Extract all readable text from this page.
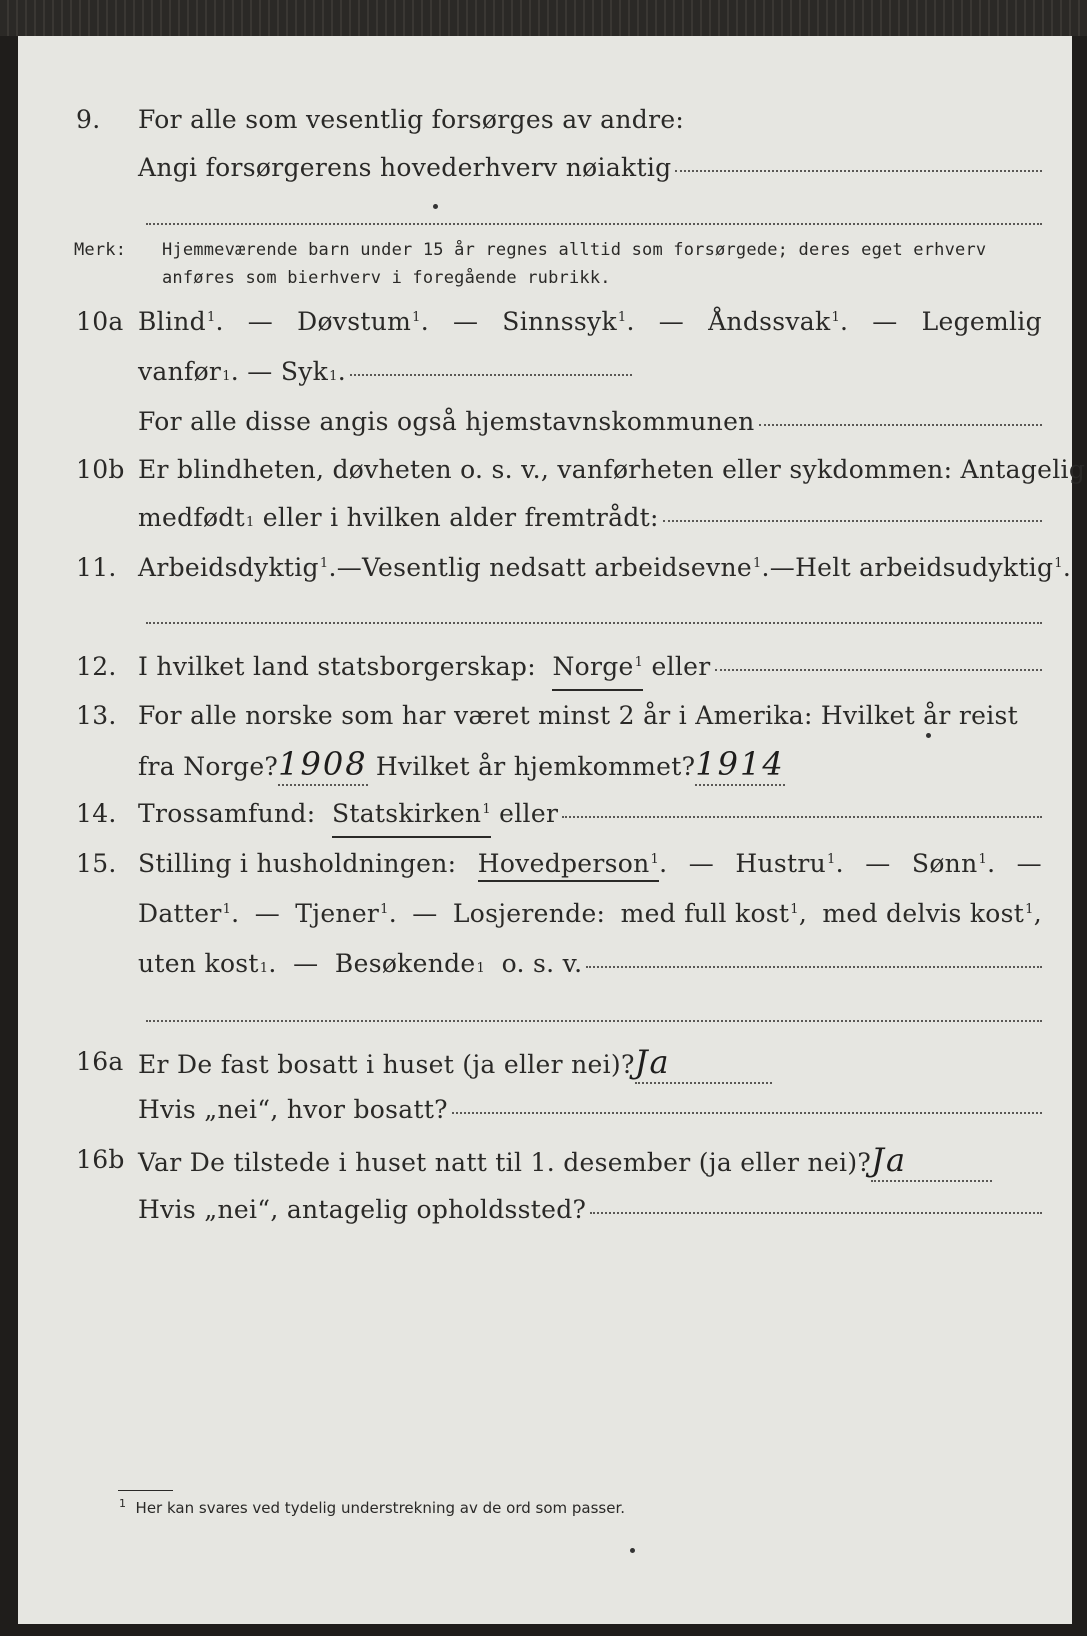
9. For alle som vesentlig forsørges av andre:
Angi forsørgerens hovederhverv nøiaktig
Merk: Hjemmeværende barn under 15 år regnes alltid som forsørgede; deres eget erhverv
anføres som bierhverv i foregående rubrikk.
10a Blind$^1$. — Døvstum$^1$. — Sinnssyk$^1$. — Åndssvak$^1$. — Legemlig
vanfør 1 . —
Syk 1 .
For alle disse angis også hjemstavnskommunen
10b Er blindheten, døvheten o. s. v., vanførheten eller sykdommen: Antagelig
medfødt 1
eller i hvilken alder fremtrådt:
11. Arbeidsdyktig$^1$. — Vesentlig nedsatt arbeidsevne$^1$. — Helt arbeidsudyktig$^1$.
12. I hvilket land statsborgerskap:
Norge$^1$
eller
13. For alle norske som har været minst 2 år i Amerika: Hvilket år reist
fra Norge? 1908
Hvilket år hjemkommet? 1914
14. Trossamfund:
Statskirken$^1$
eller
15. Stilling i husholdningen: Hovedperson$^1$. — Hustru$^1$. — Sønn$^1$. —
Datter$^1$. — Tjener$^1$. — Losjerende: med full kost$^1$, med delvis kost$^1$,
uten kost 1 . —
Besøkende 1
o. s. v.
16a Er De fast bosatt i huset (ja eller nei)? Ja
Hvis „nei“, hvor bosatt?
16b Var De tilstede i huset natt til 1. desember (ja eller nei)? Ja
Hvis „nei“, antagelig opholdssted?
$^1$ Her kan svares ved tydelig understrekning av de ord som passer.
